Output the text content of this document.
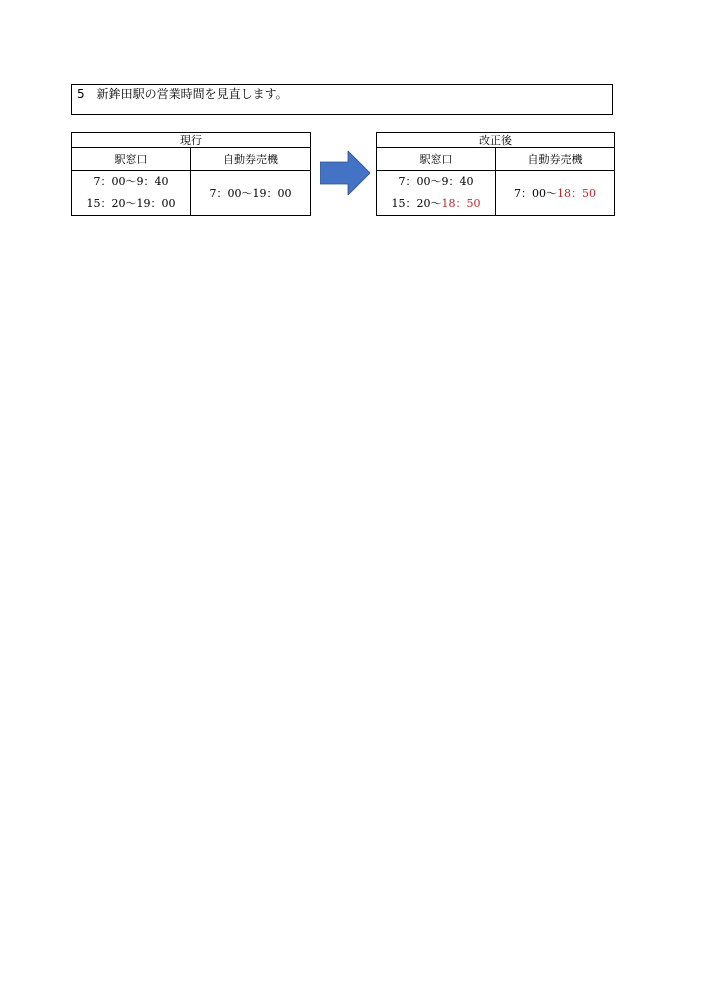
5 新鉾田駅の営業時間を見直します。
現行	
駅窓口	自動券売機

7：00～9：40
15：20～19：00	7：00～19：00
改正後	
駅窓口	自動券売機

7：00～9：40
15：20～18：50	7：00～18：50
